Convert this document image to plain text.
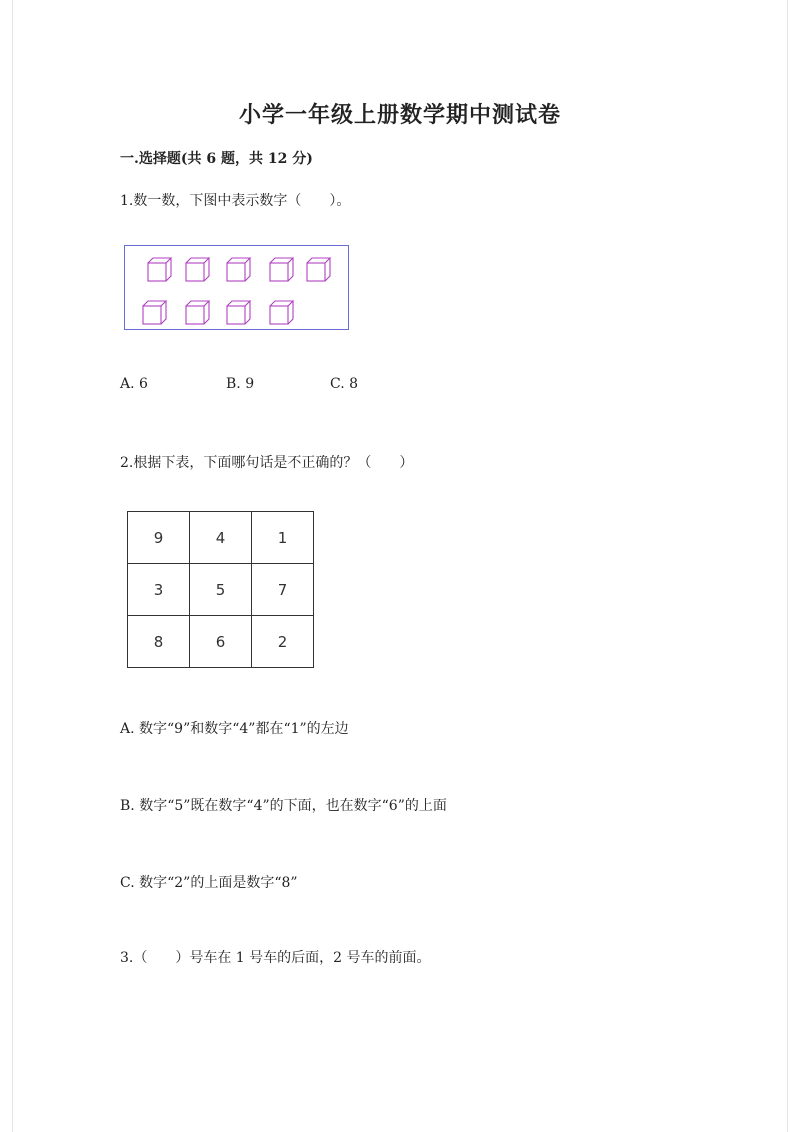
小学一年级上册数学期中测试卷
一.选择题(共 6 题，共 12 分)
1.数一数，下图中表示数字（　　）。
A. 6	B. 9	C. 8
2.根据下表，下面哪句话是不正确的？（　　）
9	4	1
3	5	7
8	6	2
A. 数字“9”和数字“4”都在“1”的左边
B. 数字“5”既在数字“4”的下面，也在数字“6”的上面
C. 数字“2”的上面是数字“8”
3.（　　）号车在 1 号车的后面，2 号车的前面。
